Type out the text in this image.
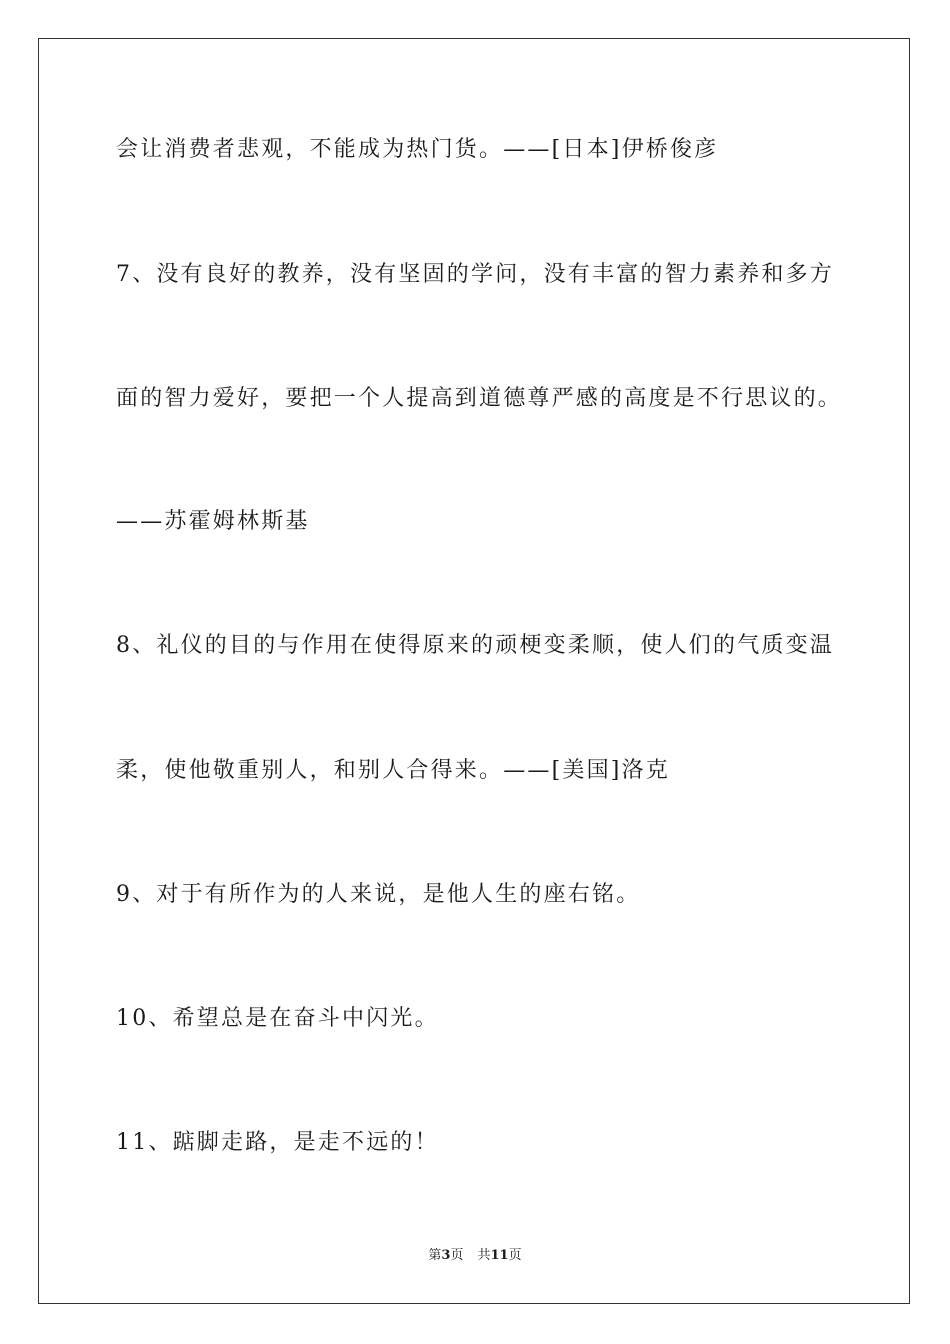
会让消费者悲观，不能成为热门货。——[日本]伊桥俊彦
7、没有良好的教养，没有坚固的学问，没有丰富的智力素养和多方
面的智力爱好，要把一个人提高到道德尊严感的高度是不行思议的。
——苏霍姆林斯基
8、礼仪的目的与作用在使得原来的顽梗变柔顺，使人们的气质变温
柔，使他敬重别人，和别人合得来。——[美国]洛克
9、对于有所作为的人来说，是他人生的座右铭。
10、希望总是在奋斗中闪光。
11、踮脚走路，是走不远的！
第3页 共11页
